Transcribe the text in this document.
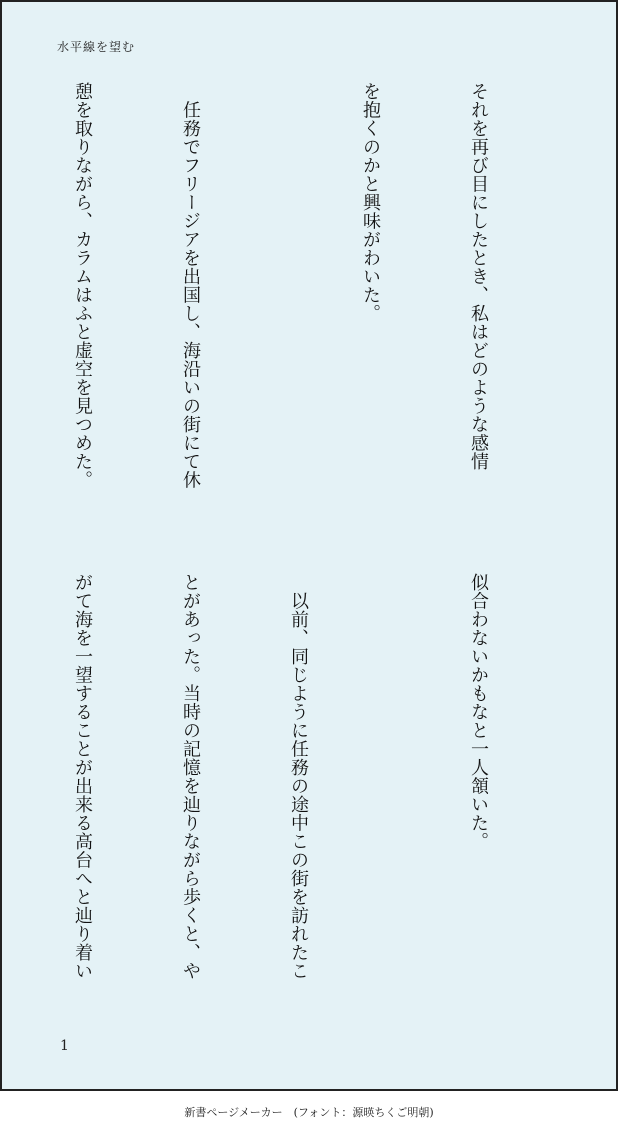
水平線を望む

それを再び目にしたとき、私はどのような感情

を抱くのかと興味がわいた。

　任務でフリージアを出国し、海沿いの街にて休

憩を取りながら、カラムはふと虚空を見つめた。

似合わないかもなと一人頷いた。

　以前、同じように任務の途中この街を訪れたこ

とがあった。当時の記憶を辿りながら歩くと、や

がて海を一望することが出来る高台へと辿り着い

1
新書ページメーカー　(フォント：源暎ちくご明朝)
